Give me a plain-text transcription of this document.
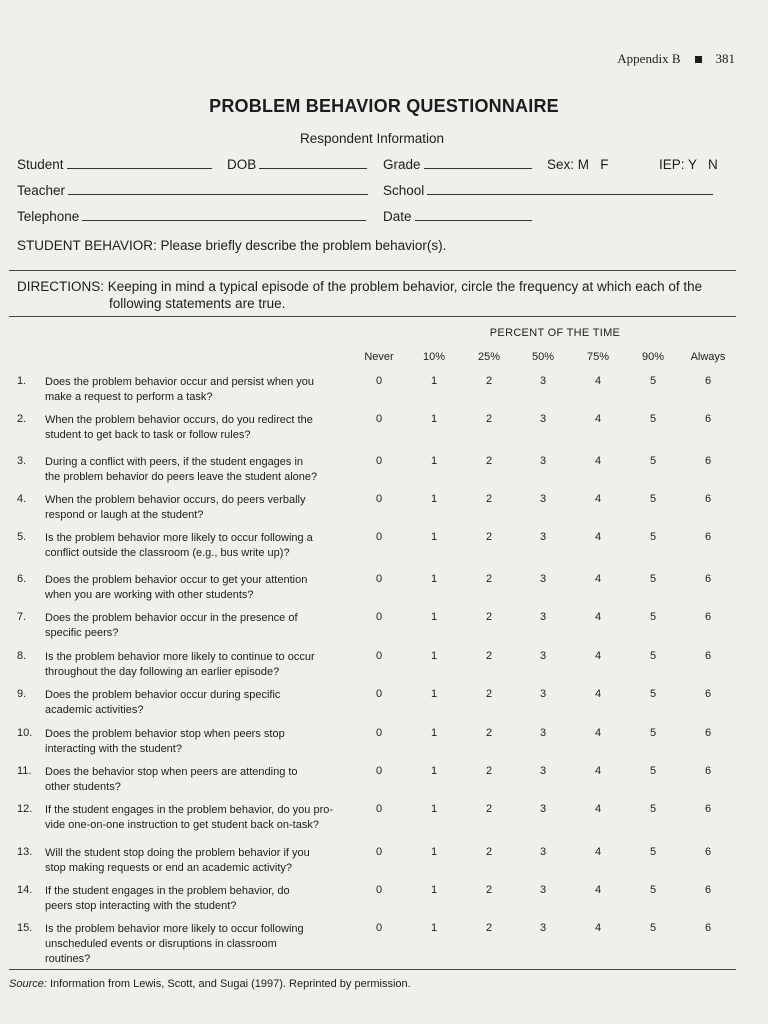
Appendix B	381
PROBLEM BEHAVIOR QUESTIONNAIRE
Respondent Information
Student	DOB	Grade	Sex: M   F	IEP: Y   N
Teacher	School
Telephone	Date
STUDENT BEHAVIOR: Please briefly describe the problem behavior(s).
DIRECTIONS: Keeping in mind a typical episode of the problem behavior, circle the frequency at which each of the
following statements are true.
PERCENT OF THE TIME
Never	10%	25%	50%	75%	90%	Always
1.	Does the problem behavior occur and persist when you
make a request to perform a task?
0	1	2	3	4	5	6
2.	When the problem behavior occurs, do you redirect the
student to get back to task or follow rules?
0	1	2	3	4	5	6
3.	During a conflict with peers, if the student engages in
the problem behavior do peers leave the student alone?
0	1	2	3	4	5	6
4.	When the problem behavior occurs, do peers verbally
respond or laugh at the student?
0	1	2	3	4	5	6
5.	Is the problem behavior more likely to occur following a
conflict outside the classroom (e.g., bus write up)?
0	1	2	3	4	5	6
6.	Does the problem behavior occur to get your attention
when you are working with other students?
0	1	2	3	4	5	6
7.	Does the problem behavior occur in the presence of
specific peers?
0	1	2	3	4	5	6
8.	Is the problem behavior more likely to continue to occur
throughout the day following an earlier episode?
0	1	2	3	4	5	6
9.	Does the problem behavior occur during specific
academic activities?
0	1	2	3	4	5	6
10.	Does the problem behavior stop when peers stop
interacting with the student?
0	1	2	3	4	5	6
11.	Does the behavior stop when peers are attending to
other students?
0	1	2	3	4	5	6
12.	If the student engages in the problem behavior, do you pro-
vide one-on-one instruction to get student back on-task?
0	1	2	3	4	5	6
13.	Will the student stop doing the problem behavior if you
stop making requests or end an academic activity?
0	1	2	3	4	5	6
14.	If the student engages in the problem behavior, do
peers stop interacting with the student?
0	1	2	3	4	5	6
15.	Is the problem behavior more likely to occur following
unscheduled events or disruptions in classroom
routines?
0	1	2	3	4	5	6
Source: Information from Lewis, Scott, and Sugai (1997). Reprinted by permission.
